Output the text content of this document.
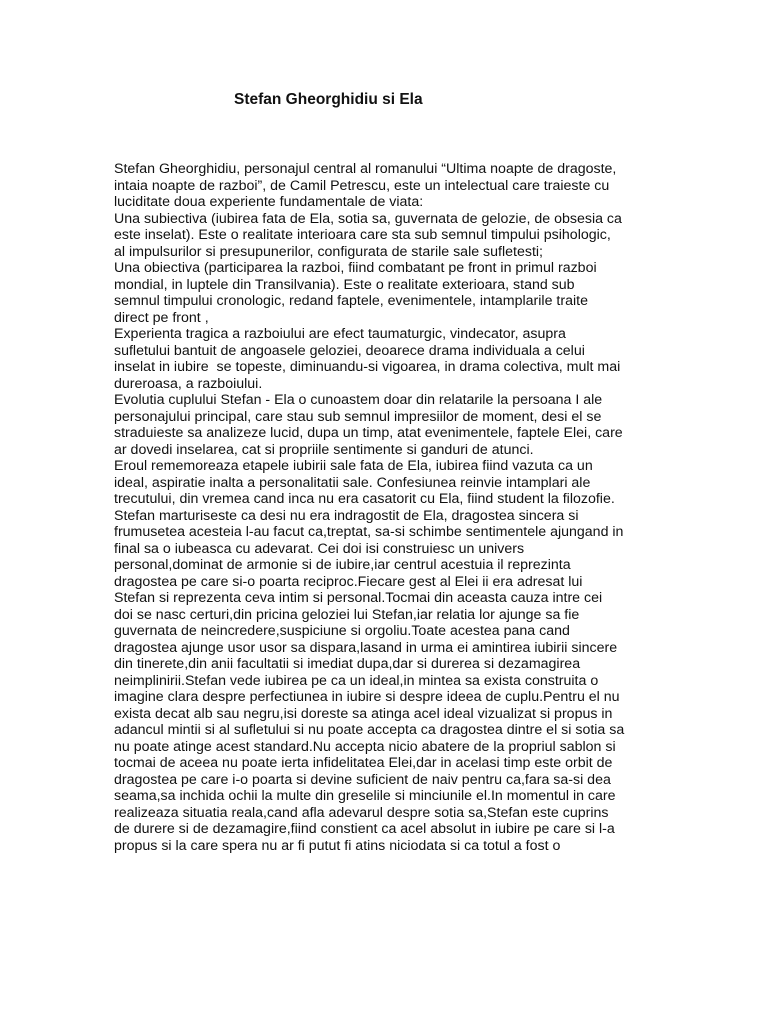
Stefan Gheorghidiu si Ela
Stefan Gheorghidiu, personajul central al romanului “Ultima noapte de dragoste,
intaia noapte de razboi”, de Camil Petrescu, este un intelectual care traieste cu
luciditate doua experiente fundamentale de viata:
Una subiectiva (iubirea fata de Ela, sotia sa, guvernata de gelozie, de obsesia ca
este inselat). Este o realitate interioara care sta sub semnul timpului psihologic,
al impulsurilor si presupunerilor, configurata de starile sale sufletesti;
Una obiectiva (participarea la razboi, fiind combatant pe front in primul razboi
mondial, in luptele din Transilvania). Este o realitate exterioara, stand sub
semnul timpului cronologic, redand faptele, evenimentele, intamplarile traite
direct pe front ,
Experienta tragica a razboiului are efect taumaturgic, vindecator, asupra
sufletului bantuit de angoasele geloziei, deoarece drama individuala a celui
inselat in iubire  se topeste, diminuandu-si vigoarea, in drama colectiva, mult mai
dureroasa, a razboiului.
Evolutia cuplului Stefan - Ela o cunoastem doar din relatarile la persoana I ale
personajului principal, care stau sub semnul impresiilor de moment, desi el se
straduieste sa analizeze lucid, dupa un timp, atat evenimentele, faptele Elei, care
ar dovedi inselarea, cat si propriile sentimente si ganduri de atunci.
Eroul rememoreaza etapele iubirii sale fata de Ela, iubirea fiind vazuta ca un
ideal, aspiratie inalta a personalitatii sale. Confesiunea reinvie intamplari ale
trecutului, din vremea cand inca nu era casatorit cu Ela, fiind student la filozofie.
Stefan marturiseste ca desi nu era indragostit de Ela, dragostea sincera si
frumusetea acesteia l-au facut ca,treptat, sa-si schimbe sentimentele ajungand in
final sa o iubeasca cu adevarat. Cei doi isi construiesc un univers
personal,dominat de armonie si de iubire,iar centrul acestuia il reprezinta
dragostea pe care si-o poarta reciproc.Fiecare gest al Elei ii era adresat lui
Stefan si reprezenta ceva intim si personal.Tocmai din aceasta cauza intre cei
doi se nasc certuri,din pricina geloziei lui Stefan,iar relatia lor ajunge sa fie
guvernata de neincredere,suspiciune si orgoliu.Toate acestea pana cand
dragostea ajunge usor usor sa dispara,lasand in urma ei amintirea iubirii sincere
din tinerete,din anii facultatii si imediat dupa,dar si durerea si dezamagirea
neimplinirii.Stefan vede iubirea pe ca un ideal,in mintea sa exista construita o
imagine clara despre perfectiunea in iubire si despre ideea de cuplu.Pentru el nu
exista decat alb sau negru,isi doreste sa atinga acel ideal vizualizat si propus in
adancul mintii si al sufletului si nu poate accepta ca dragostea dintre el si sotia sa
nu poate atinge acest standard.Nu accepta nicio abatere de la propriul sablon si
tocmai de aceea nu poate ierta infidelitatea Elei,dar in acelasi timp este orbit de
dragostea pe care i-o poarta si devine suficient de naiv pentru ca,fara sa-si dea
seama,sa inchida ochii la multe din greselile si minciunile el.In momentul in care
realizeaza situatia reala,cand afla adevarul despre sotia sa,Stefan este cuprins
de durere si de dezamagire,fiind constient ca acel absolut in iubire pe care si l-a
propus si la care spera nu ar fi putut fi atins niciodata si ca totul a fost o
